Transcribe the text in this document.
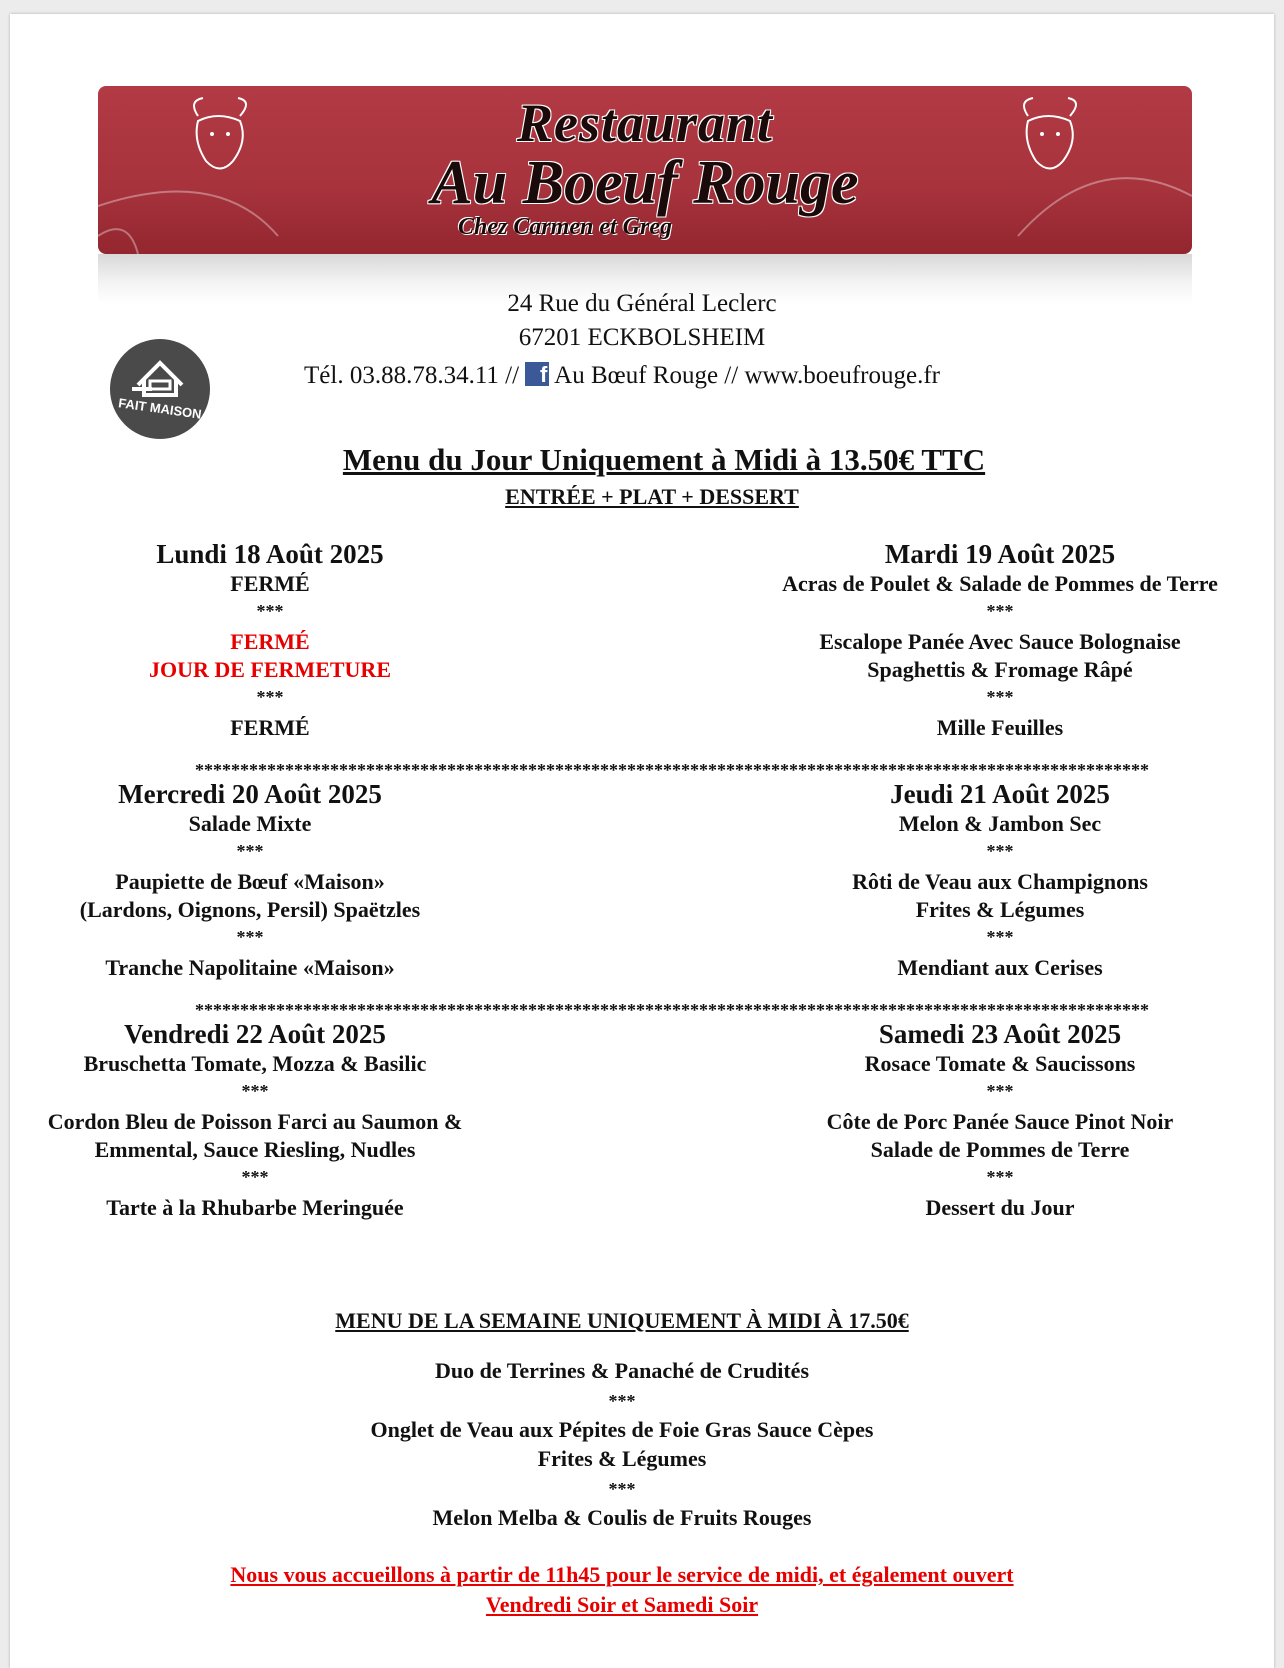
Restaurant
Au Boeuf Rouge
Chez Carmen et Greg
24 Rue du Général Leclerc
67201 ECKBOLSHEIM
Tél. 03.88.78.34.11 // f Au Bœuf Rouge // www.boeufrouge.fr
FAIT MAISON
Menu du Jour Uniquement à Midi à 13.50€ TTC
ENTRÉE + PLAT + DESSERT
Lundi 18 Août 2025
FERMÉ
***
FERMÉ
JOUR DE FERMETURE
***
FERMÉ
Mardi 19 Août 2025
Acras de Poulet & Salade de Pommes de Terre
***
Escalope Panée Avec Sauce Bolognaise
Spaghettis & Fromage Râpé
***
Mille Feuilles
**********************************************************************************************************
Mercredi 20 Août 2025
Salade Mixte
***
Paupiette de Bœuf «Maison»
(Lardons, Oignons, Persil) Spaëtzles
***
Tranche Napolitaine «Maison»
Jeudi 21 Août 2025
Melon & Jambon Sec
***
Rôti de Veau aux Champignons
Frites & Légumes
***
Mendiant aux Cerises
**********************************************************************************************************
Vendredi 22 Août 2025
Bruschetta Tomate, Mozza & Basilic
***
Cordon Bleu de Poisson Farci au Saumon &
Emmental, Sauce Riesling, Nudles
***
Tarte à la Rhubarbe Meringuée
Samedi 23 Août 2025
Rosace Tomate & Saucissons
***
Côte de Porc Panée Sauce Pinot Noir
Salade de Pommes de Terre
***
Dessert du Jour
MENU DE LA SEMAINE UNIQUEMENT À MIDI À 17.50€
Duo de Terrines & Panaché de Crudités
***
Onglet de Veau aux Pépites de Foie Gras Sauce Cèpes
Frites & Légumes
***
Melon Melba & Coulis de Fruits Rouges
Nous vous accueillons à partir de 11h45 pour le service de midi, et également ouvert
Vendredi Soir et Samedi Soir
